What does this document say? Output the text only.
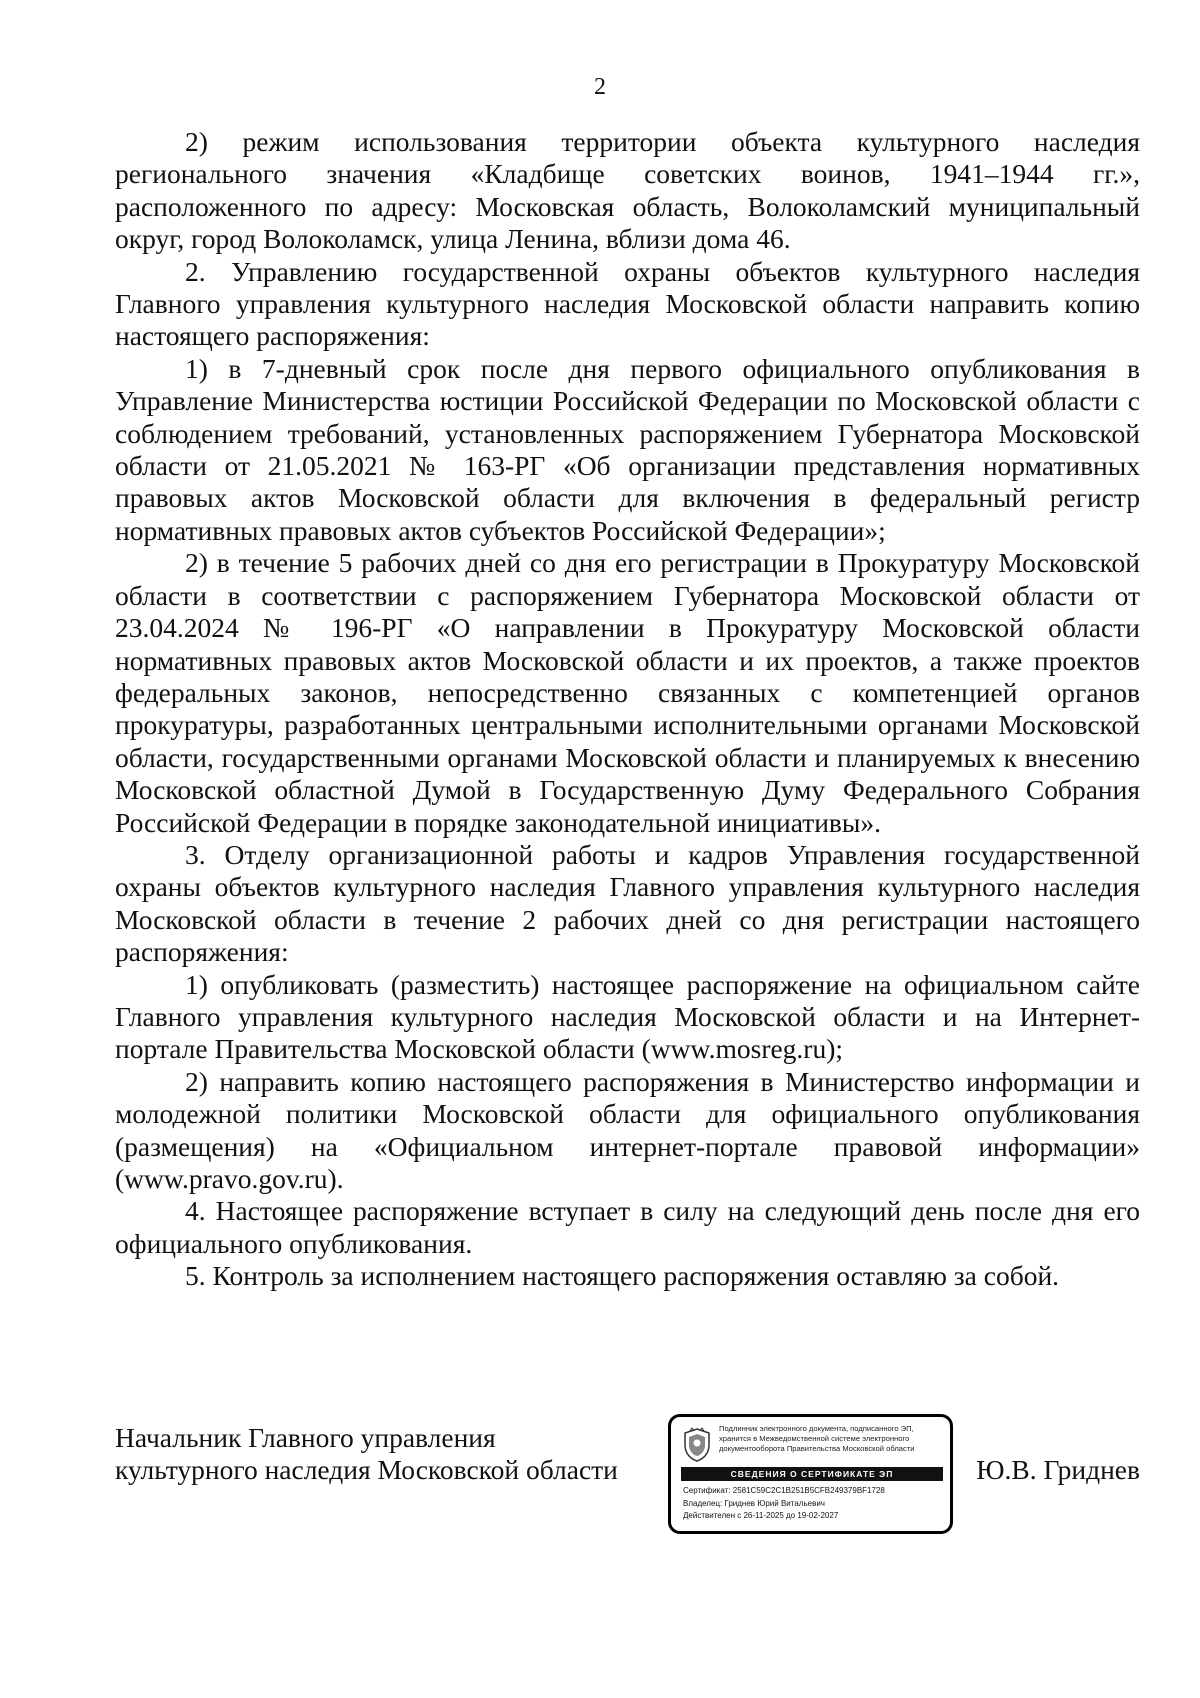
2

2) режим использования территории объекта культурного наследия регионального значения «Кладбище советских воинов, 1941–1944 гг.», расположенного по адресу: Московская область, Волоколамский муниципальный округ, город Волоколамск, улица Ленина, вблизи дома 46.

2. Управлению государственной охраны объектов культурного наследия Главного управления культурного наследия Московской области направить копию настоящего распоряжения:

1) в 7-дневный срок после дня первого официального опубликования в Управление Министерства юстиции Российской Федерации по Московской области с соблюдением требований, установленных распоряжением Губернатора Московской области от 21.05.2021 № 163-РГ «Об организации представления нормативных правовых актов Московской области для включения в федеральный регистр нормативных правовых актов субъектов Российской Федерации»;

2) в течение 5 рабочих дней со дня его регистрации в Прокуратуру Московской области в соответствии с распоряжением Губернатора Московской области от 23.04.2024 № 196-РГ «О направлении в Прокуратуру Московской области нормативных правовых актов Московской области и их проектов, а также проектов федеральных законов, непосредственно связанных с компетенцией органов прокуратуры, разработанных центральными исполнительными органами Московской области, государственными органами Московской области и планируемых к внесению Московской областной Думой в Государственную Думу Федерального Собрания Российской Федерации в порядке законодательной инициативы».

3. Отделу организационной работы и кадров Управления государственной охраны объектов культурного наследия Главного управления культурного наследия Московской области в течение 2 рабочих дней со дня регистрации настоящего распоряжения:

1) опубликовать (разместить) настоящее распоряжение на официальном сайте Главного управления культурного наследия Московской области и на Интернет-портале Правительства Московской области (www.mosreg.ru);

2) направить копию настоящего распоряжения в Министерство информации и молодежной политики Московской области для официального опубликования (размещения) на «Официальном интернет-портале правовой информации» (www.pravo.gov.ru).

4. Настоящее распоряжение вступает в силу на следующий день после дня его официального опубликования.

5. Контроль за исполнением настоящего распоряжения оставляю за собой.

Начальник Главного управления
культурного наследия Московской области
Подлинник электронного документа, подписанного ЭП, хранится в Межведомственной системе электронного документооборота Правительства Московской области
СВЕДЕНИЯ О СЕРТИФИКАТЕ ЭП
Сертификат: 2581C59C2C1B251B5CFB249379BF1728
Владелец: Гриднев Юрий Витальевич
Действителен с 26-11-2025 до 19-02-2027
Ю.В. Гриднев
